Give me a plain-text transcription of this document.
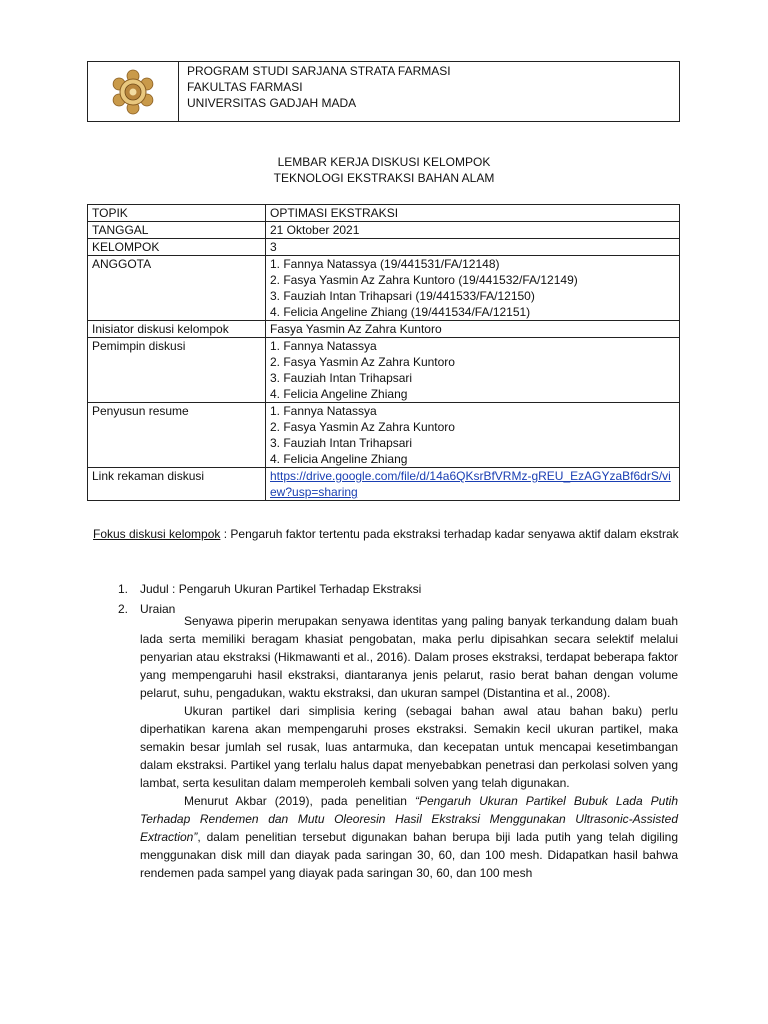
PROGRAM STUDI SARJANA STRATA FARMASI
FAKULTAS FARMASI
UNIVERSITAS GADJAH MADA
LEMBAR KERJA DISKUSI KELOMPOK
TEKNOLOGI EKSTRAKSI BAHAN ALAM
TOPIK	OPTIMASI EKSTRAKSI
TANGGAL	21 Oktober 2021
KELOMPOK	3
ANGGOTA	1. Fannya Natassya (19/441531/FA/12148)
2. Fasya Yasmin Az Zahra Kuntoro (19/441532/FA/12149)
3. Fauziah Intan Trihapsari (19/441533/FA/12150)
4. Felicia Angeline Zhiang (19/441534/FA/12151)

Inisiator diskusi kelompok	Fasya Yasmin Az Zahra Kuntoro
Pemimpin diskusi	1. Fannya Natassya
2. Fasya Yasmin Az Zahra Kuntoro
3. Fauziah Intan Trihapsari
4. Felicia Angeline Zhiang

Penyusun resume	1. Fannya Natassya
2. Fasya Yasmin Az Zahra Kuntoro
3. Fauziah Intan Trihapsari
4. Felicia Angeline Zhiang

Link rekaman diskusi	https://drive.google.com/file/d/14a6QKsrBfVRMz-gREU_EzAGYzaBf6drS/view?usp=sharing
Fokus diskusi kelompok : Pengaruh faktor tertentu pada ekstraksi terhadap kadar senyawa aktif dalam ekstrak
1. Judul : Pengaruh Ukuran Partikel Terhadap Ekstraksi
2. Uraian

Senyawa piperin merupakan senyawa identitas yang paling banyak terkandung dalam buah lada serta memiliki beragam khasiat pengobatan, maka perlu dipisahkan secara selektif melalui penyarian atau ekstraksi (Hikmawanti et al., 2016). Dalam proses ekstraksi, terdapat beberapa faktor yang mempengaruhi hasil ekstraksi, diantaranya jenis pelarut, rasio berat bahan dengan volume pelarut, suhu, pengadukan, waktu ekstraksi, dan ukuran sampel (Distantina et al., 2008).

Ukuran partikel dari simplisia kering (sebagai bahan awal atau bahan baku) perlu diperhatikan karena akan mempengaruhi proses ekstraksi. Semakin kecil ukuran partikel, maka semakin besar jumlah sel rusak, luas antarmuka, dan kecepatan untuk mencapai kesetimbangan dalam ekstraksi. Partikel yang terlalu halus dapat menyebabkan penetrasi dan perkolasi solven yang lambat, serta kesulitan dalam memperoleh kembali solven yang telah digunakan.

Menurut Akbar (2019), pada penelitian “Pengaruh Ukuran Partikel Bubuk Lada Putih Terhadap Rendemen dan Mutu Oleoresin Hasil Ekstraksi Menggunakan Ultrasonic-Assisted Extraction”, dalam penelitian tersebut digunakan bahan berupa biji lada putih yang telah digiling menggunakan disk mill dan diayak pada saringan 30, 60, dan 100 mesh. Didapatkan hasil bahwa rendemen pada sampel yang diayak pada saringan 30, 60, dan 100 mesh
